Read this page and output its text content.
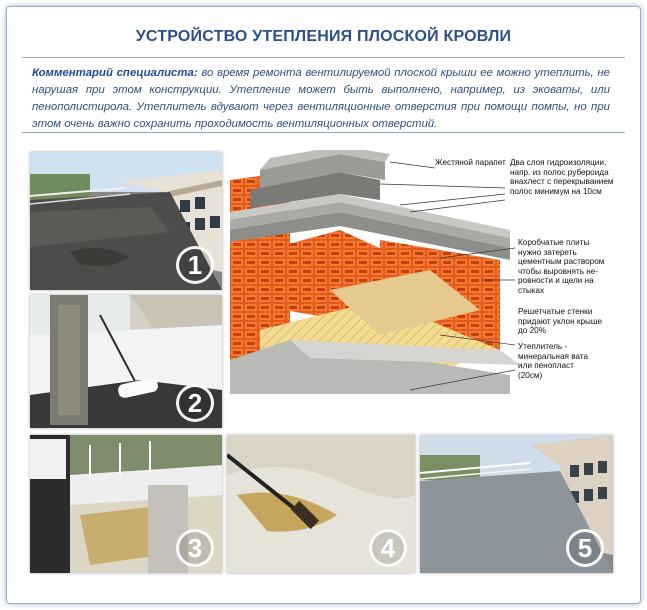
УСТРОЙСТВО УТЕПЛЕНИЯ ПЛОСКОЙ КРОВЛИ
Комментарий специалиста: во время ремонта вентилируемой плоской крыши ее можно утеплить, не нарушая при этом конструкции. Утепление может быть выполнено, например, из эковаты, или пенополистирола. Утеплитель вдувают через вентиляционные отверстия при помощи помпы, но при этом очень важно сохранить проходимость вентиляционных отверстий.
1
2
3	4	5
Жестяной парапет Два слоя гидроизоляции,
напр. из полос рубероида
внахлест с перекрыванием
полос минимум на 10см
Коробчатые плиты
нужно затереть
цементным раствором
чтобы выровнять не-
ровности и щели на
стыках
Решетчатые стенки
придают уклон крыше
до 20%
Утеплитель -
минеральная вата
или пенопласт
(20см)
